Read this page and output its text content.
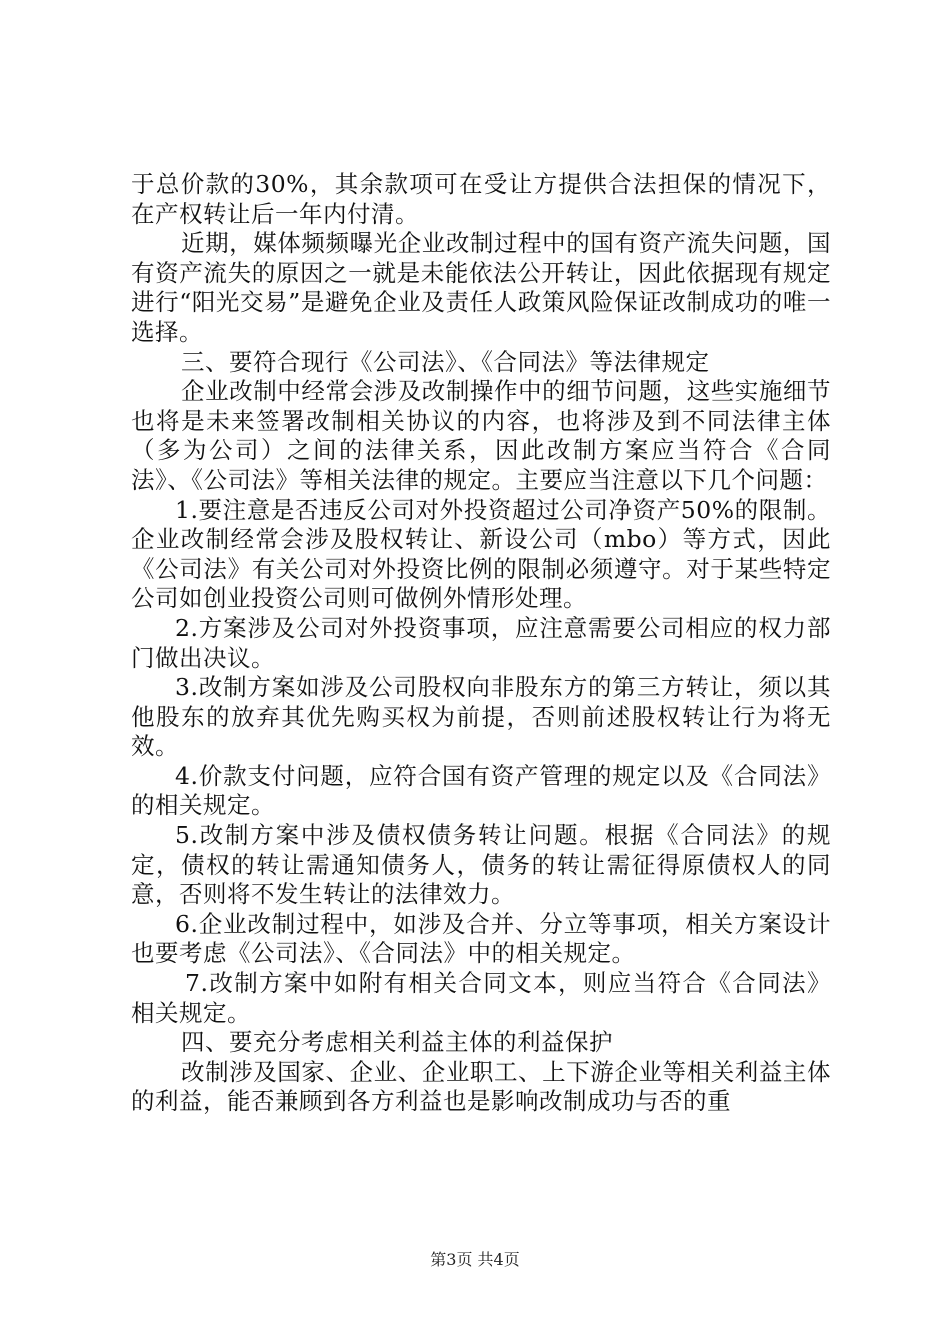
于总价款的30%，其余款项可在受让方提供合法担保的情况下，在产权转让后一年内付清。

近期，媒体频频曝光企业改制过程中的国有资产流失问题，国有资产流失的原因之一就是未能依法公开转让，因此依据现有规定进行“阳光交易”是避免企业及责任人政策风险保证改制成功的唯一选择。

三、要符合现行《公司法》、《合同法》等法律规定

企业改制中经常会涉及改制操作中的细节问题，这些实施细节也将是未来签署改制相关协议的内容，也将涉及到不同法律主体（多为公司）之间的法律关系，因此改制方案应当符合《合同法》、《公司法》等相关法律的规定。主要应当注意以下几个问题：

1.要注意是否违反公司对外投资超过公司净资产50%的限制。企业改制经常会涉及股权转让、新设公司（mbo）等方式，因此《公司法》有关公司对外投资比例的限制必须遵守。对于某些特定公司如创业投资公司则可做例外情形处理。

2.方案涉及公司对外投资事项，应注意需要公司相应的权力部门做出决议。

3.改制方案如涉及公司股权向非股东方的第三方转让，须以其他股东的放弃其优先购买权为前提，否则前述股权转让行为将无效。

4.价款支付问题，应符合国有资产管理的规定以及《合同法》的相关规定。

5.改制方案中涉及债权债务转让问题。根据《合同法》的规定，债权的转让需通知债务人，债务的转让需征得原债权人的同意，否则将不发生转让的法律效力。

6.企业改制过程中，如涉及合并、分立等事项，相关方案设计也要考虑《公司法》、《合同法》中的相关规定。

7.改制方案中如附有相关合同文本，则应当符合《合同法》相关规定。

四、要充分考虑相关利益主体的利益保护

改制涉及国家、企业、企业职工、上下游企业等相关利益主体的利益，能否兼顾到各方利益也是影响改制成功与否的重

第3页 共4页
